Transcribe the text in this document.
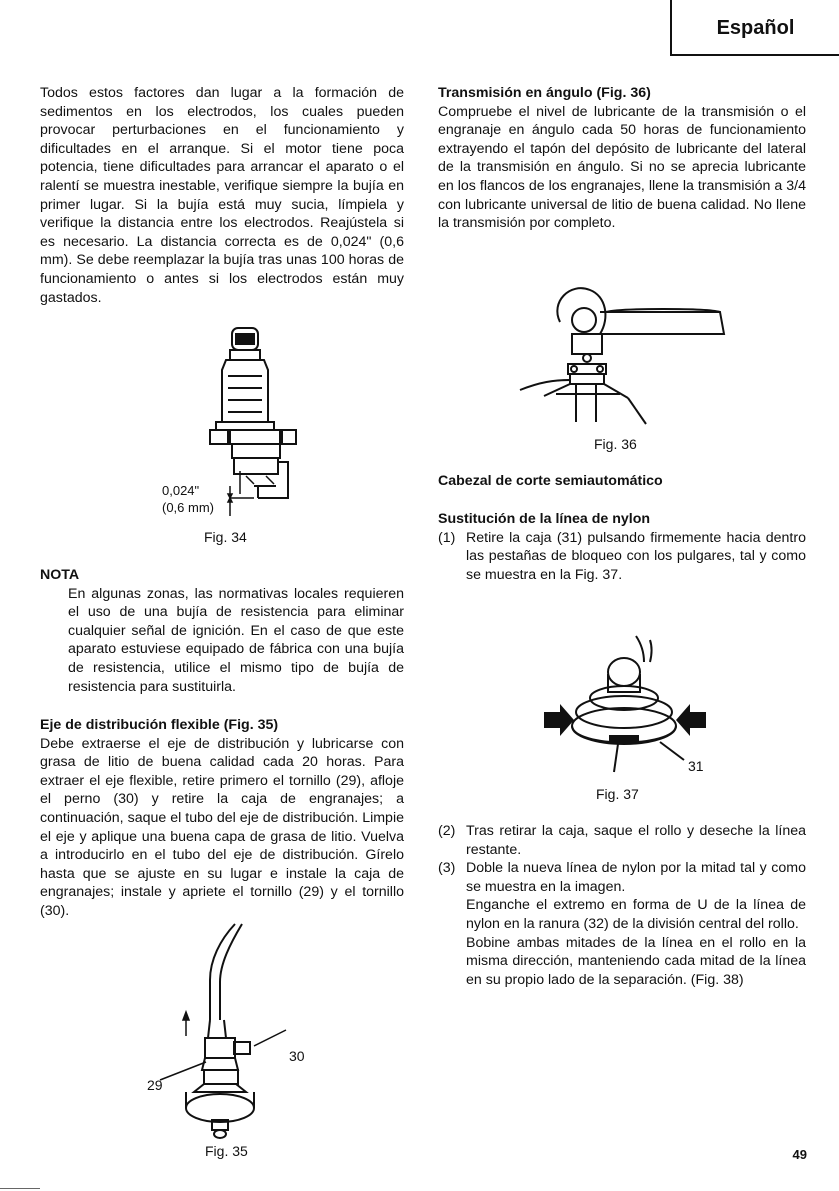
Español

Todos estos factores dan lugar a la formación de sedimentos en los electrodos, los cuales pueden provocar perturbaciones en el funcionamiento y dificultades en el arranque. Si el motor tiene poca potencia, tiene dificultades para arrancar el aparato o el ralentí se muestra inestable, verifique siempre la bujía en primer lugar. Si la bujía está muy sucia, límpiela y verifique la distancia entre los electrodos. Reajústela si es necesario. La distancia correcta es de 0,024" (0,6 mm). Se debe reemplazar la bujía tras unas 100 horas de funcionamiento o antes si los electrodos están muy gastados.

0,024"
(0,6 mm)
Fig. 34

NOTA

En algunas zonas, las normativas locales requieren el uso de una bujía de resistencia para eliminar cualquier señal de ignición. En el caso de que este aparato estuviese equipado de fábrica con una bujía de resistencia, utilice el mismo tipo de bujía de resistencia para sustituirla.

Eje de distribución flexible (Fig. 35)

Debe extraerse el eje de distribución y lubricarse con grasa de litio de buena calidad cada 20 horas. Para extraer el eje flexible, retire primero el tornillo (29), afloje el perno (30) y retire la caja de engranajes; a continuación, saque el tubo del eje de distribución. Limpie el eje y aplique una buena capa de grasa de litio. Vuelva a introducirlo en el tubo del eje de distribución. Gírelo hasta que se ajuste en su lugar e instale la caja de engranajes; instale y apriete el tornillo (29) y el tornillo (30).

29
30
Fig. 35

Transmisión en ángulo (Fig. 36)

Compruebe el nivel de lubricante de la transmisión o el engranaje en ángulo cada 50 horas de funcionamiento extrayendo el tapón del depósito de lubricante del lateral de la transmisión en ángulo. Si no se aprecia lubricante en los flancos de los engranajes, llene la transmisión a 3/4 con lubricante universal de litio de buena calidad. No llene la transmisión por completo.

Fig. 36

Cabezal de corte semiautomático

Sustitución de la línea de nylon

(1) Retire la caja (31) pulsando firmemente hacia dentro las pestañas de bloqueo con los pulgares, tal y como se muestra en la Fig. 37.
31
Fig. 37
(2) Tras retirar la caja, saque el rollo y deseche la línea restante.
(3) Doble la nueva línea de nylon por la mitad tal y como se muestra en la imagen.

Enganche el extremo en forma de U de la línea de nylon en la ranura (32) de la división central del rollo.

Bobine ambas mitades de la línea en el rollo en la misma dirección, manteniendo cada mitad de la línea en su propio lado de la separación. (Fig. 38)

49
